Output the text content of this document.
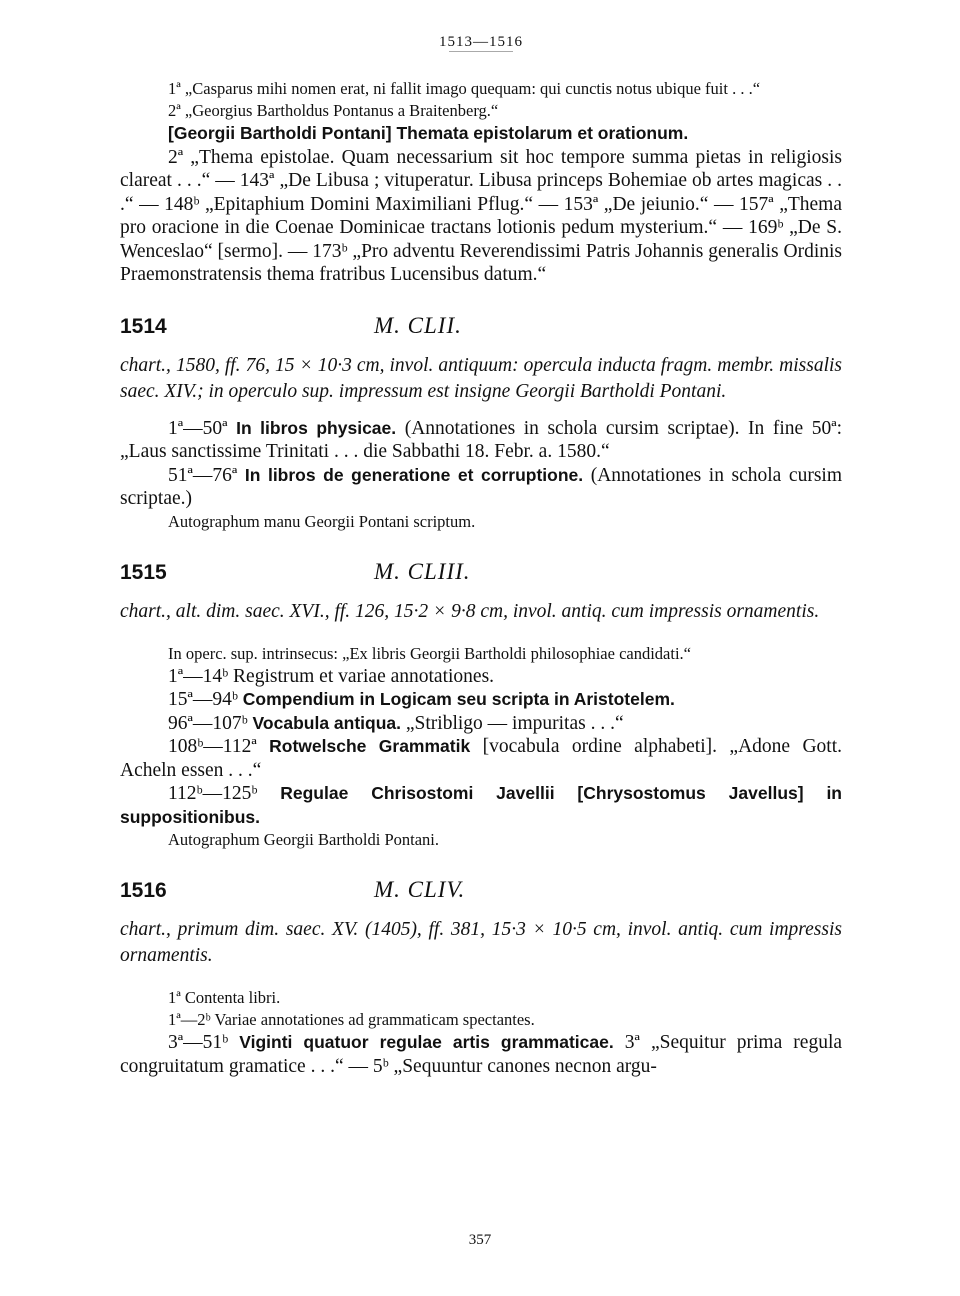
1513—1516

1ª „Casparus mihi nomen erat, ni fallit imago quequam: qui cunctis notus ubique fuit . . .“

2ª „Georgius Bartholdus Pontanus a Braitenberg.“

[Georgii Bartholdi Pontani] Themata epistolarum et orationum.

2ª „Thema epistolae. Quam necessarium sit hoc tempore summa pietas in religiosis clareat . . .“ — 143ª „De Libusa ; vituperatur. Libusa princeps Bohemiae ob artes magicas . . .“ — 148ᵇ „Epitaphium Domini Maximiliani Pflug.“ — 153ª „De jeiunio.“ — 157ª „Thema pro oracione in die Coenae Dominicae tractans lotionis pedum mysterium.“ — 169ᵇ „De S. Wenceslao“ [sermo]. — 173ᵇ „Pro adventu Reverendissimi Patris Johannis generalis Ordinis Praemonstratensis thema fratribus Lucensibus datum.“

1514	M. CLII.

chart., 1580, ff. 76, 15 × 10·3 cm, invol. antiquum: opercula inducta fragm. membr. missalis saec. XIV.; in operculo sup. impressum est insigne Georgii Bartholdi Pontani.

1ª—50ª In libros physicae. (Annotationes in schola cursim scriptae). In fine 50ª: „Laus sanctissime Trinitati . . . die Sabbathi 18. Febr. a. 1580.“

51ª—76ª In libros de generatione et corruptione. (Annotationes in schola cursim scriptae.)

Autographum manu Georgii Pontani scriptum.

1515	M. CLIII.

chart., alt. dim. saec. XVI., ff. 126, 15·2 × 9·8 cm, invol. antiq. cum impressis ornamentis.

In operc. sup. intrinsecus: „Ex libris Georgii Bartholdi philosophiae candidati.“

1ª—14ᵇ Registrum et variae annotationes.

15ª—94ᵇ Compendium in Logicam seu scripta in Aristotelem.

96ª—107ᵇ Vocabula antiqua. „Stribligo — impuritas . . .“

108ᵇ—112ª Rotwelsche Grammatik [vocabula ordine alphabeti]. „Adone Gott. Acheln essen . . .“

112ᵇ—125ᵇ Regulae Chrisostomi Javellii [Chrysostomus Javellus] in suppositionibus.

Autographum Georgii Bartholdi Pontani.

1516	M. CLIV.

chart., primum dim. saec. XV. (1405), ff. 381, 15·3 × 10·5 cm, invol. antiq. cum impressis ornamentis.

1ª Contenta libri.

1ª—2ᵇ Variae annotationes ad grammaticam spectantes.

3ª—51ᵇ Viginti quatuor regulae artis grammaticae. 3ª „Sequitur prima regula congruitatum gramatice . . .“ — 5ᵇ „Sequuntur canones necnon argu-

357
